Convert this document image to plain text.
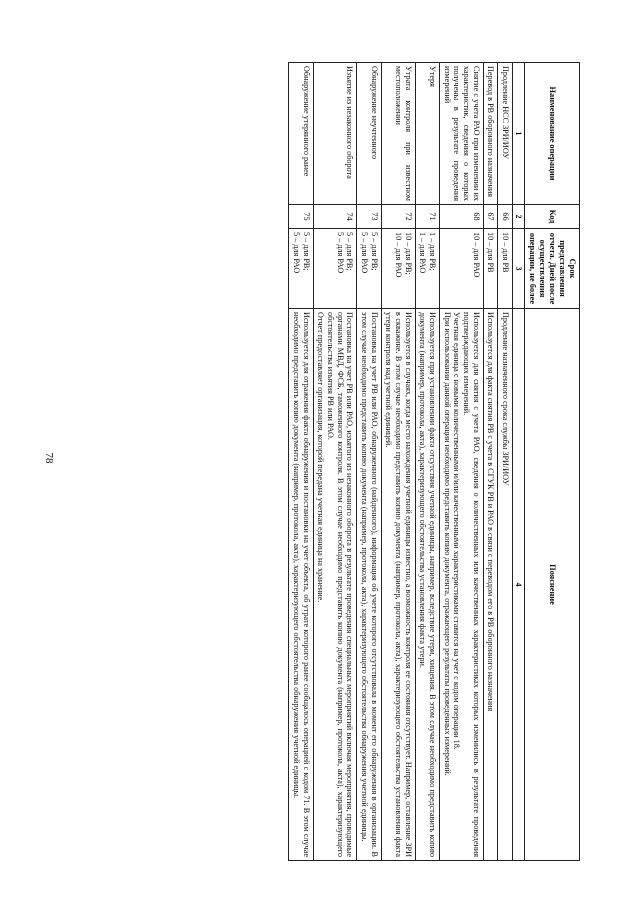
78
Наименование операции	Код	Срок представления отчета. Дней после осуществления операции, не более	Пояснение
1	2	3	4
Продление НСС ЗРИ/ИОУ	66	10 – для РВ	Продление назначенного срока службы ЗРИ/ИОУ

Перевод в РВ оборонного назначения	67	10 – для РВ	Используется для факта снятия РВ с учета в СГУК РВ и РАО в связи с переводом его в РВ оборонного назначения

Снятие с учета РАО при изменении их характеристик, сведения о которых получены в результате проведения измерений	68	10 – для РАО	Используется для снятия с учета РАО, сведения о количественных или качественных характеристиках которых изменились в результате проведения подтверждающих измерений.
Учетная единица с новыми количественными и/или качественными характеристиками ставится на учет с кодом операции 18.
При использовании данной операции необходимо представить копию документа, отражающего результаты проведенных измерений.

Утеря	71	1 – для РВ;
1 – для РАО	Используется при установлении факта отсутствия учетной единицы, например, вследствие утери, хищения. В этом случае необходимо представить копию документа (например, протокола, акта), характеризующего обстоятельства установления факта утери.

Утрата контроля при известном местоположении	72	10 – для РВ;
10 – для РАО	Используется в случаях, когда место нахождения учетной единицы известно, а возможность контроля ее состояния отсутствует. Например, оставление ЗРИ в скважине. В этом случае необходимо представить копию документа (например, протокола, акта), характеризующего обстоятельства установления факта утери контроля над учетной единицей.

Обнаружение неучтенного	73	5 – для РВ;
5 – для РАО	Постановка на учет РВ или РАО, обнаруженного (найденного), информация об учете которого отсутствовала в момент его обнаружения в организации. В этом случае необходимо представить копию документа (например, протокола, акта), характеризующего обстоятельства обнаружения учетной единицы.

Изъятие из незаконного оборота	74	5 – для РВ;
5 – для РАО	Постановка на учет РВ или РАО, изъятого из незаконного оборота в результате проведения специальных мероприятий включая мероприятия, проводимые органами МВД, ФСБ, таможенного контроля. В этом случае необходимо представить копию документа (например, протокола, акта), характеризующего обстоятельства изъятия РВ или РАО.
Отчет предоставляет организация, которой передана учетная единица на хранение.

Обнаружение утерянного ранее	75	5 – для РВ;
5 – для РАО	Используется для отражения факта обнаружения и постановки на учет объекта, об утрате которого ранее сообщалось операцией с кодом 71. В этом случае необходимо представить копию документа (например, протокола, акта), характеризующего обстоятельства обнаружения учетной единицы.
